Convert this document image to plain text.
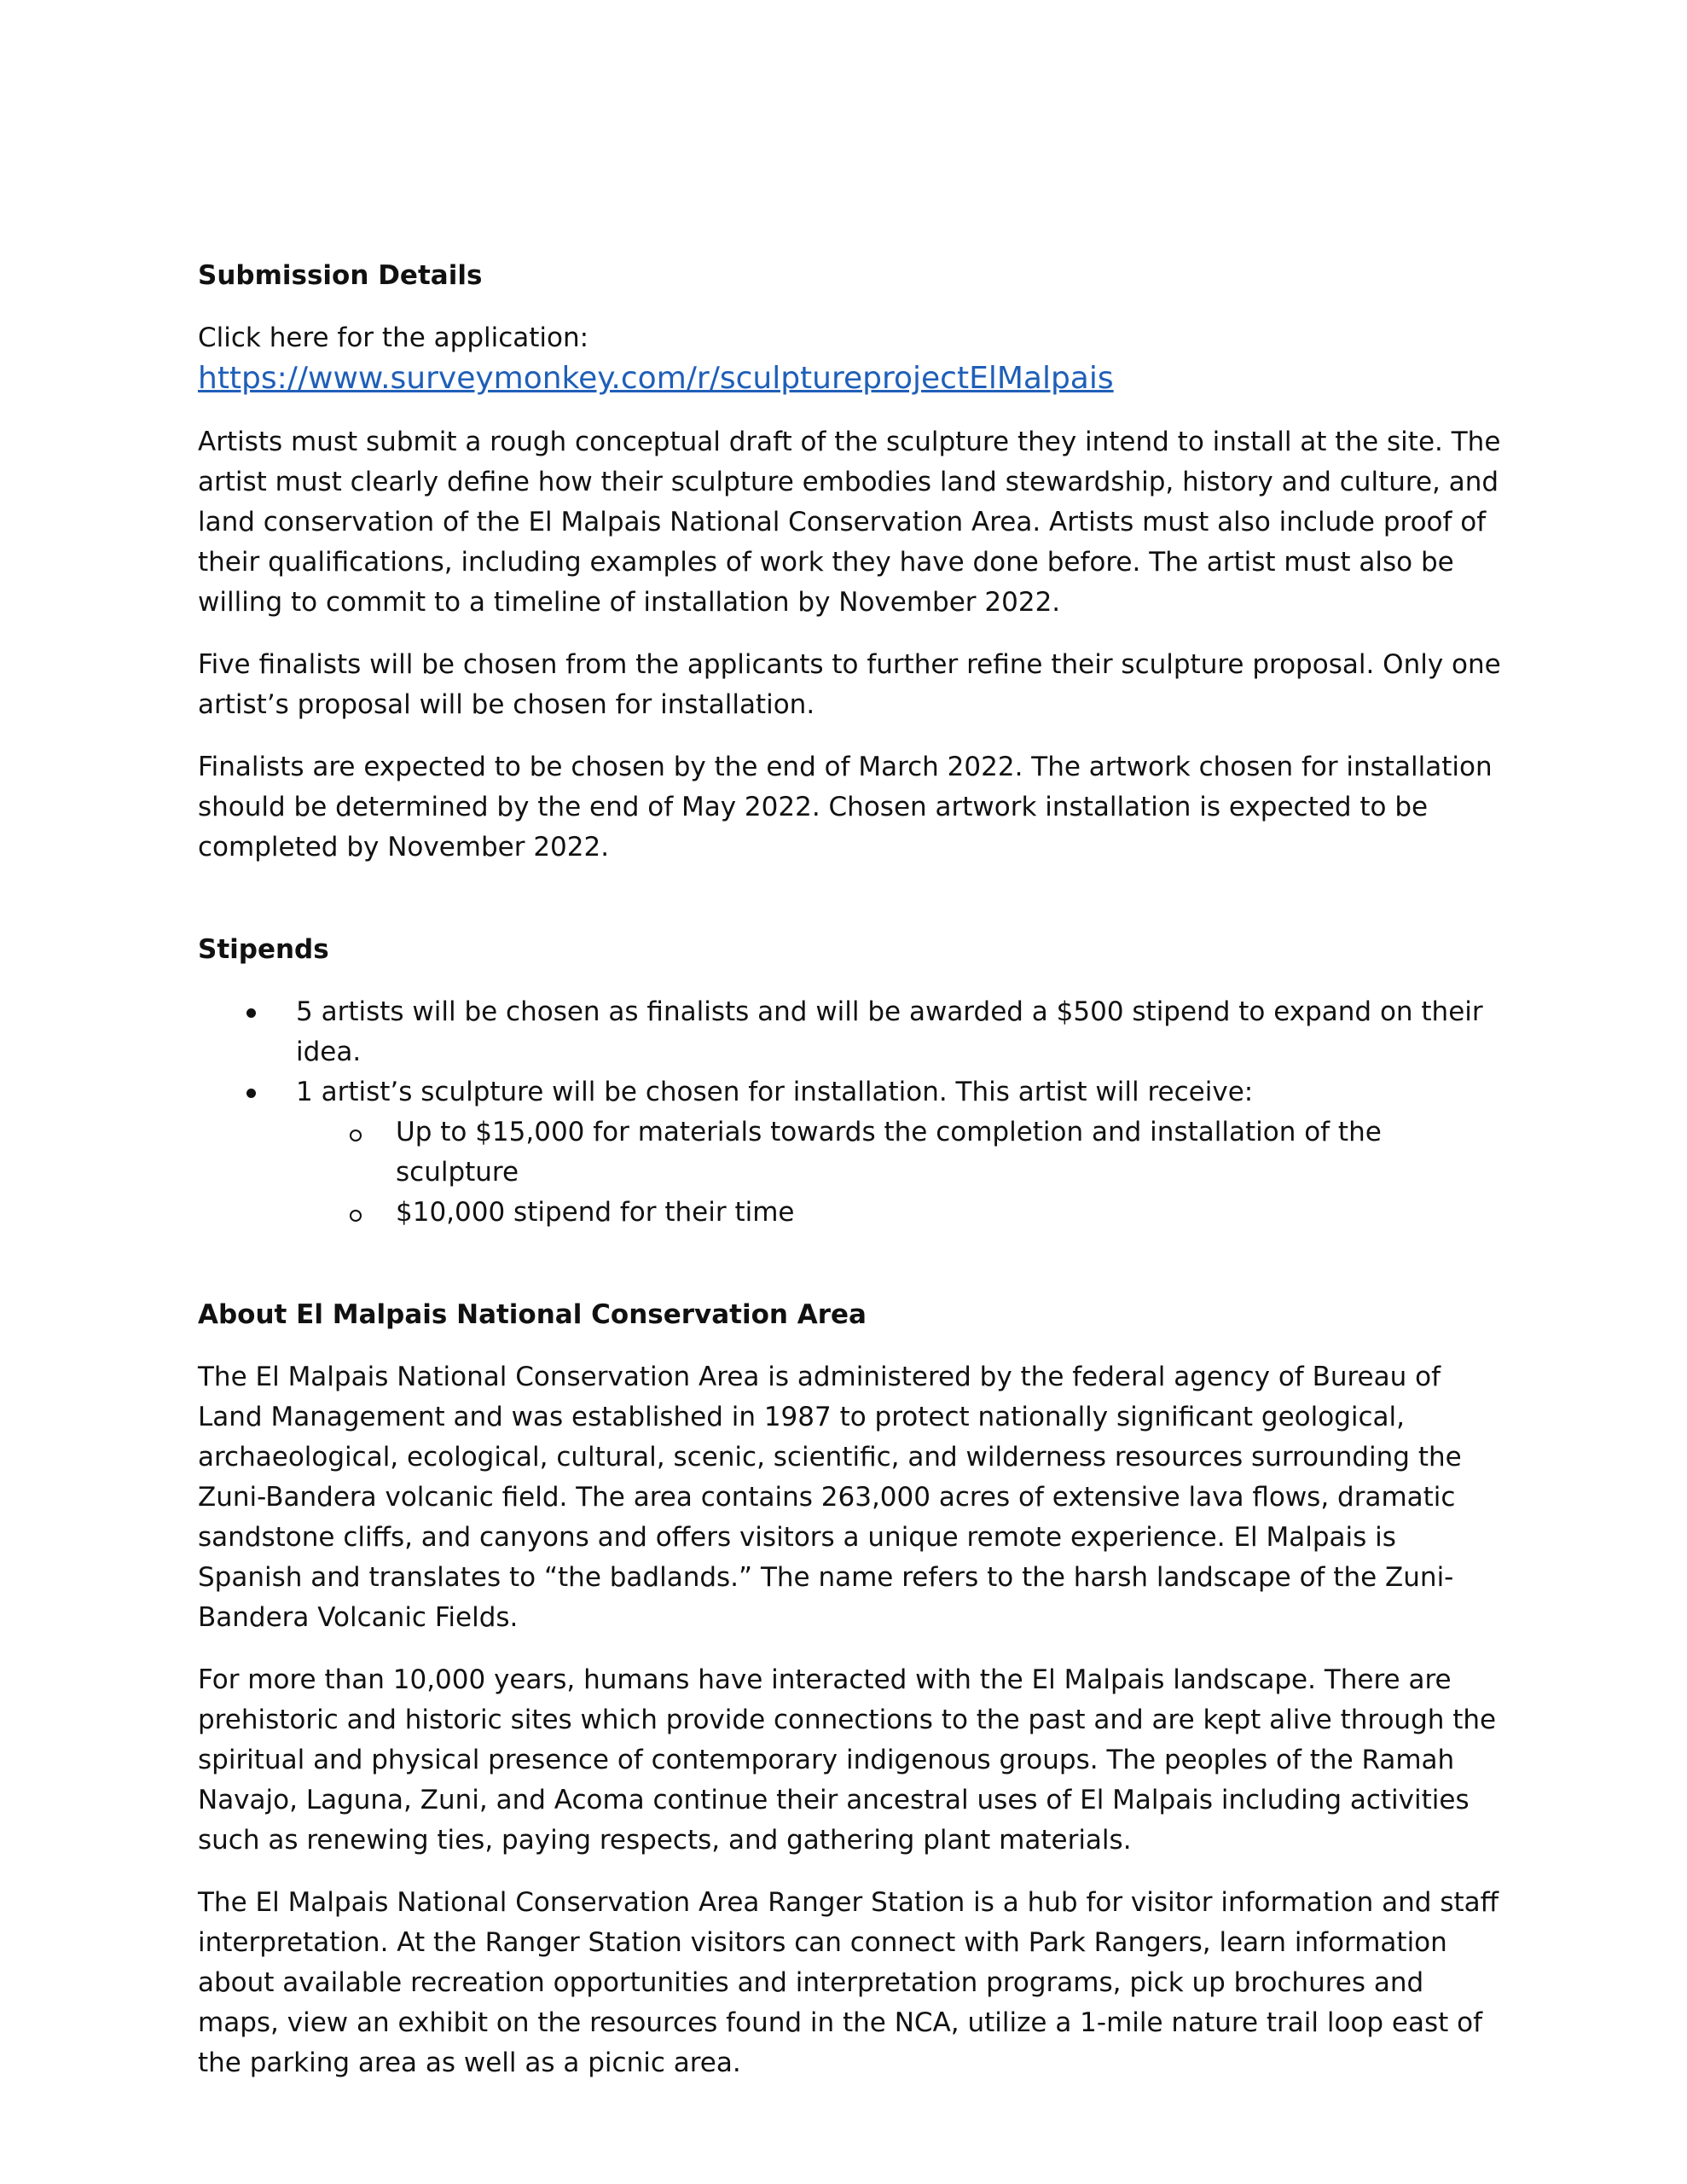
Submission Details

Click here for the application: https://www.surveymonkey.com/r/sculptureprojectElMalpais

Artists must submit a rough conceptual draft of the sculpture they intend to install at the site. The artist must clearly define how their sculpture embodies land stewardship, history and culture, and land conservation of the El Malpais National Conservation Area. Artists must also include proof of their qualifications, including examples of work they have done before. The artist must also be willing to commit to a timeline of installation by November 2022.

Five finalists will be chosen from the applicants to further refine their sculpture proposal. Only one artist’s proposal will be chosen for installation.

Finalists are expected to be chosen by the end of March 2022. The artwork chosen for installation should be determined by the end of May 2022. Chosen artwork installation is expected to be completed by November 2022.

Stipends

5 artists will be chosen as finalists and will be awarded a $500 stipend to expand on their idea.
1 artist’s sculpture will be chosen for installation. This artist will receive:
Up to $15,000 for materials towards the completion and installation of the sculpture
$10,000 stipend for their time

About El Malpais National Conservation Area

The El Malpais National Conservation Area is administered by the federal agency of Bureau of Land Management and was established in 1987 to protect nationally significant geological, archaeological, ecological, cultural, scenic, scientific, and wilderness resources surrounding the Zuni-Bandera volcanic field. The area contains 263,000 acres of extensive lava flows, dramatic sandstone cliffs, and canyons and offers visitors a unique remote experience. El Malpais is Spanish and translates to “the badlands.” The name refers to the harsh landscape of the Zuni-Bandera Volcanic Fields.

For more than 10,000 years, humans have interacted with the El Malpais landscape. There are prehistoric and historic sites which provide connections to the past and are kept alive through the spiritual and physical presence of contemporary indigenous groups. The peoples of the Ramah Navajo, Laguna, Zuni, and Acoma continue their ancestral uses of El Malpais including activities such as renewing ties, paying respects, and gathering plant materials.

The El Malpais National Conservation Area Ranger Station is a hub for visitor information and staff interpretation. At the Ranger Station visitors can connect with Park Rangers, learn information about available recreation opportunities and interpretation programs, pick up brochures and maps, view an exhibit on the resources found in the NCA, utilize a 1-mile nature trail loop east of the parking area as well as a picnic area.
